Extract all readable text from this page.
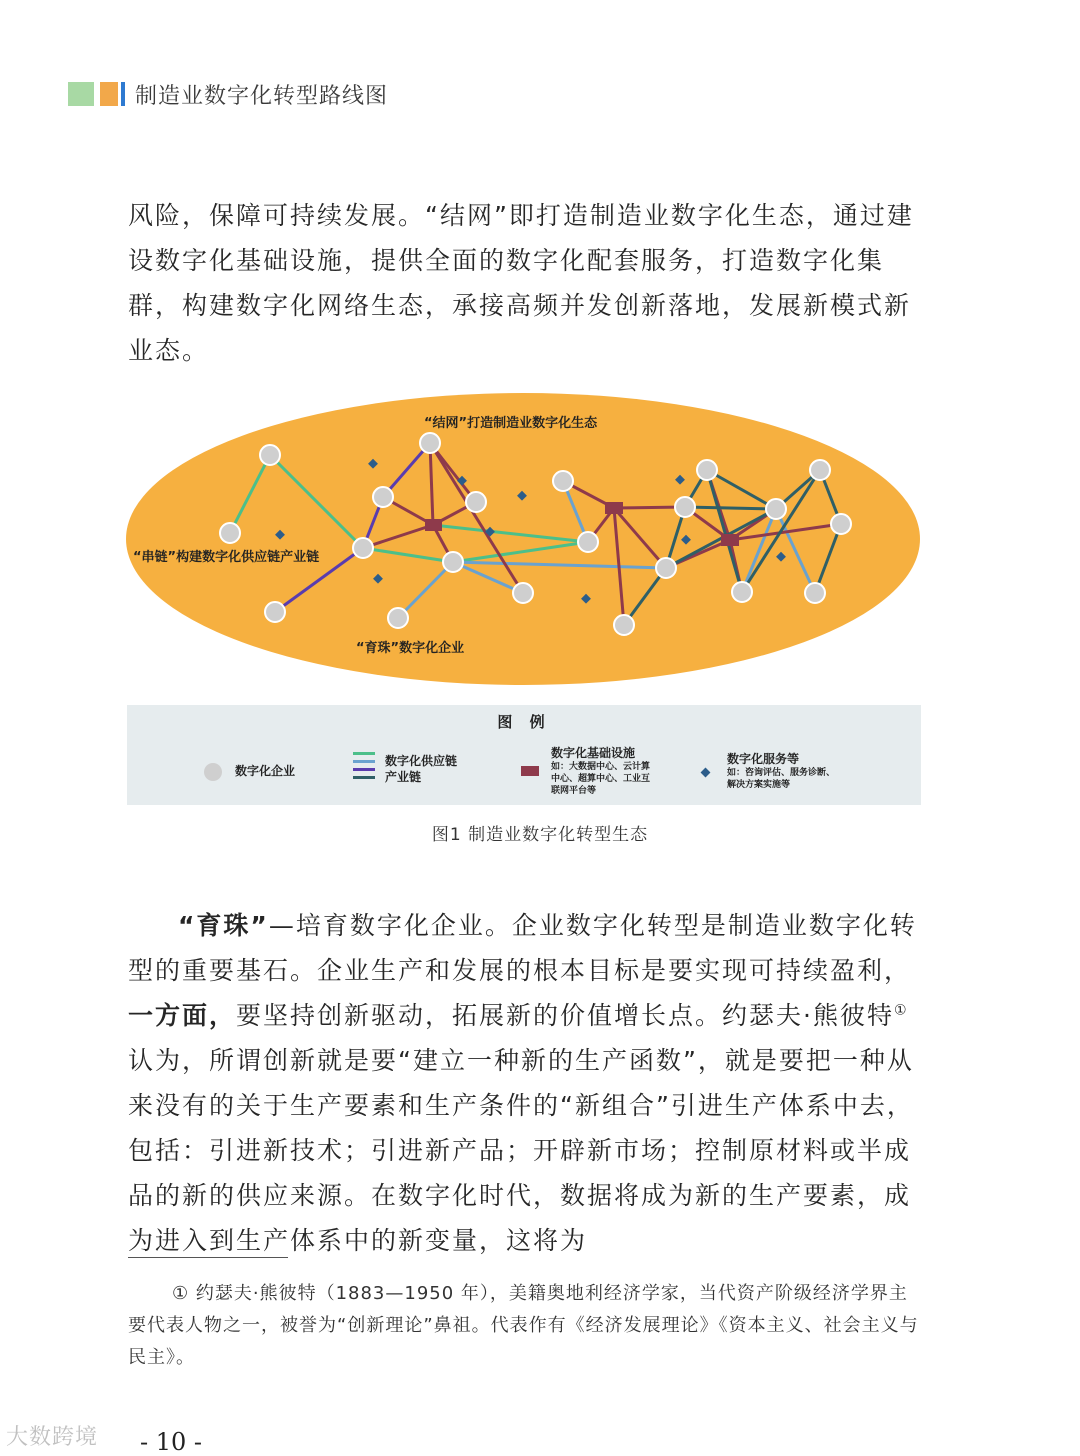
制造业数字化转型路线图

风险，保障可持续发展。“结网”即打造制造业数字化生态，通过建设数字化基础设施，提供全面的数字化配套服务，打造数字化集群，构建数字化网络生态，承接高频并发创新落地，发展新模式新业态。

“结网”打造制造业数字化生态
“串链”构建数字化供应链产业链
“育珠”数字化企业
图 例
数字化企业
数字化供应链
产业链
数字化基础设施
如：大数据中心、云计算
中心、超算中心、工业互
联网平台等
数字化服务等
如：咨询评估、服务诊断、
解决方案实施等
图1 制造业数字化转型生态

“育珠”—培育数字化企业。企业数字化转型是制造业数字化转型的重要基石。企业生产和发展的根本目标是要实现可持续盈利，一方面，要坚持创新驱动，拓展新的价值增长点。约瑟夫·熊彼特①认为，所谓创新就是要“建立一种新的生产函数”，就是要把一种从来没有的关于生产要素和生产条件的“新组合”引进生产体系中去，包括：引进新技术；引进新产品；开辟新市场；控制原材料或半成品的新的供应来源。在数字化时代，数据将成为新的生产要素，成为进入到生产体系中的新变量，这将为

① 约瑟夫·熊彼特（1883—1950 年），美籍奥地利经济学家，当代资产阶级经济学界主要代表人物之一，被誉为“创新理论”鼻祖。代表作有《经济发展理论》《资本主义、社会主义与民主》。

大数跨境 - 10 -
